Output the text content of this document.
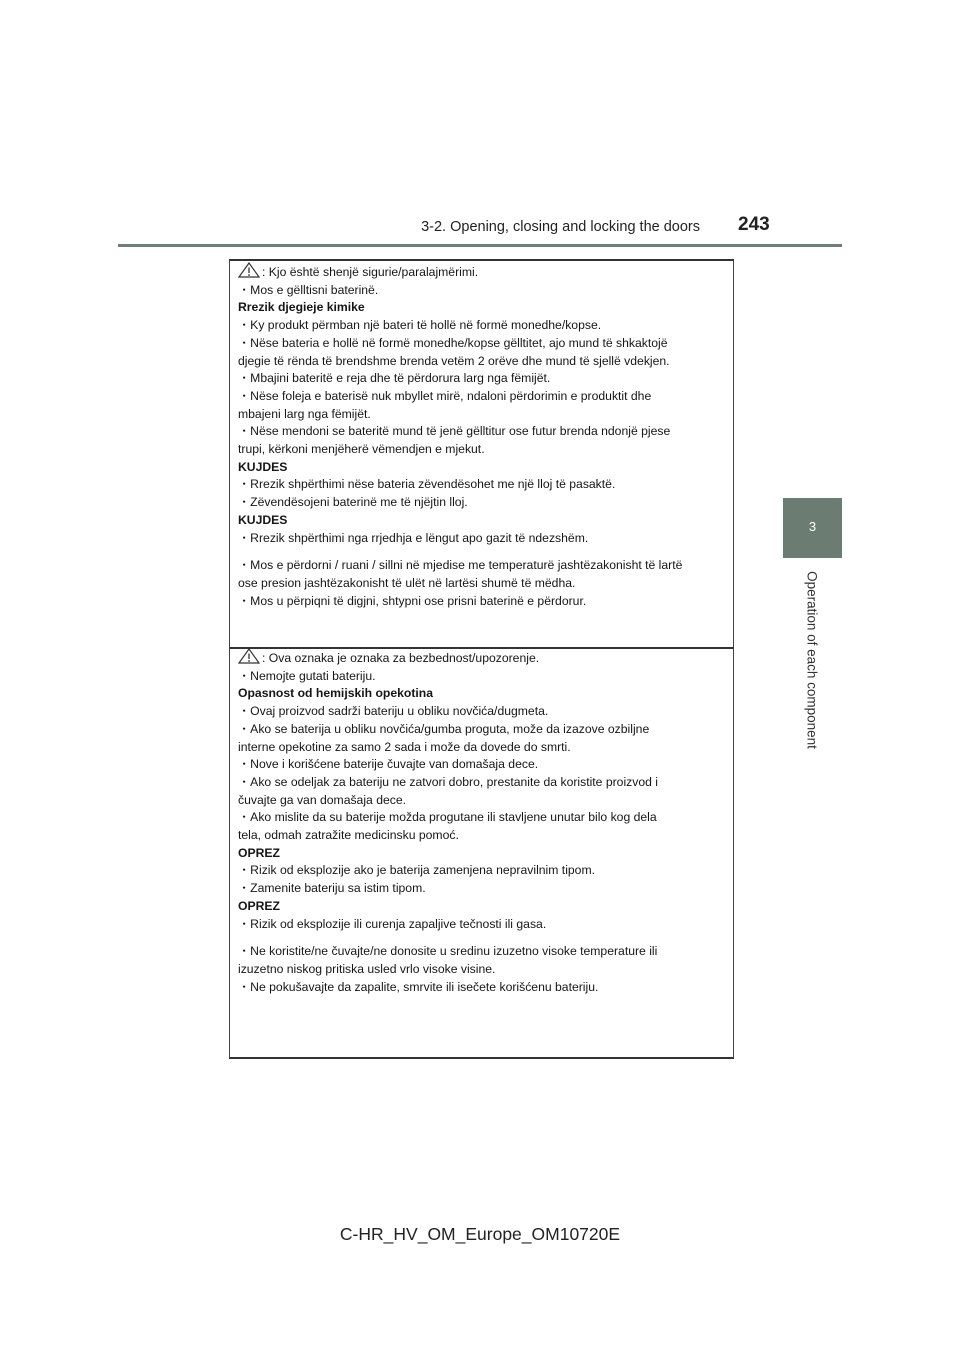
3-2. Opening, closing and locking the doors 243
3
Operation of each component
: Kjo është shenjë sigurie/paralajmërimi.
・Mos e gëlltisni baterinë.
Rrezik djegieje kimike
・Ky produkt përmban një bateri të hollë në formë monedhe/kopse.
・Nëse bateria e hollë në formë monedhe/kopse gëlltitet, ajo mund të shkaktojë
djegie të rënda të brendshme brenda vetëm 2 orëve dhe mund të sjellë vdekjen.
・Mbajini bateritë e reja dhe të përdorura larg nga fëmijët.
・Nëse foleja e baterisë nuk mbyllet mirë, ndaloni përdorimin e produktit dhe
mbajeni larg nga fëmijët.
・Nëse mendoni se bateritë mund të jenë gëlltitur ose futur brenda ndonjë pjese
trupi, kërkoni menjëherë vëmendjen e mjekut.
KUJDES
・Rrezik shpërthimi nëse bateria zëvendësohet me një lloj të pasaktë.
・Zëvendësojeni baterinë me të njëjtin lloj.
KUJDES
・Rrezik shpërthimi nga rrjedhja e lëngut apo gazit të ndezshëm.
・Mos e përdorni / ruani / sillni në mjedise me temperaturë jashtëzakonisht të lartë
ose presion jashtëzakonisht të ulët në lartësi shumë të mëdha.
・Mos u përpiqni të digjni, shtypni ose prisni baterinë e përdorur.
: Ova oznaka je oznaka za bezbednost/upozorenje.
・Nemojte gutati bateriju.
Opasnost od hemijskih opekotina
・Ovaj proizvod sadrži bateriju u obliku novčića/dugmeta.
・Ako se baterija u obliku novčića/gumba proguta, može da izazove ozbiljne
interne opekotine za samo 2 sada i može da dovede do smrti.
・Nove i korišćene baterije čuvajte van domašaja dece.
・Ako se odeljak za bateriju ne zatvori dobro, prestanite da koristite proizvod i
čuvajte ga van domašaja dece.
・Ako mislite da su baterije možda progutane ili stavljene unutar bilo kog dela
tela, odmah zatražite medicinsku pomoć.
OPREZ
・Rizik od eksplozije ako je baterija zamenjena nepravilnim tipom.
・Zamenite bateriju sa istim tipom.
OPREZ
・Rizik od eksplozije ili curenja zapaljive tečnosti ili gasa.
・Ne koristite/ne čuvajte/ne donosite u sredinu izuzetno visoke temperature ili
izuzetno niskog pritiska usled vrlo visoke visine.
・Ne pokušavajte da zapalite, smrvite ili isečete korišćenu bateriju.
C-HR_HV_OM_Europe_OM10720E
